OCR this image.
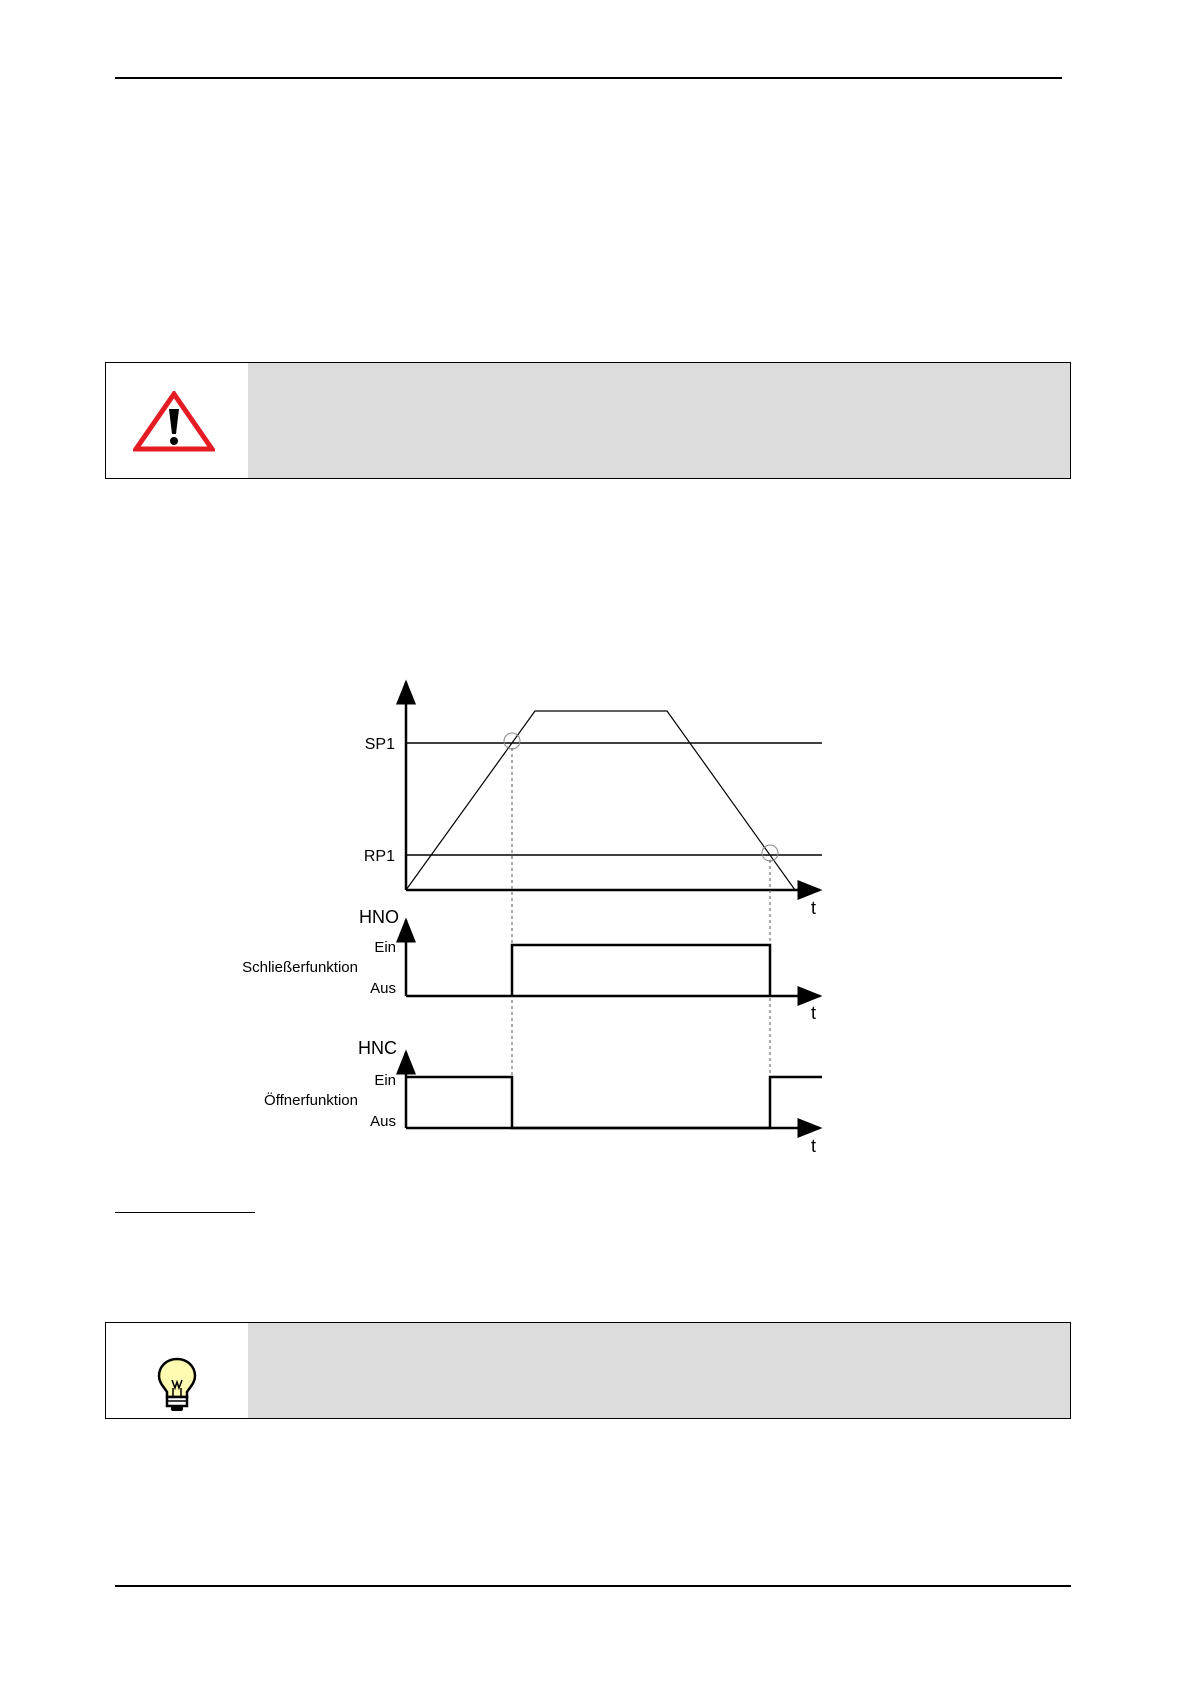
SP1
RP1
t
HNO
Ein
Schließerfunktion
Aus
t
HNC
Ein
Öffnerfunktion
Aus
t
